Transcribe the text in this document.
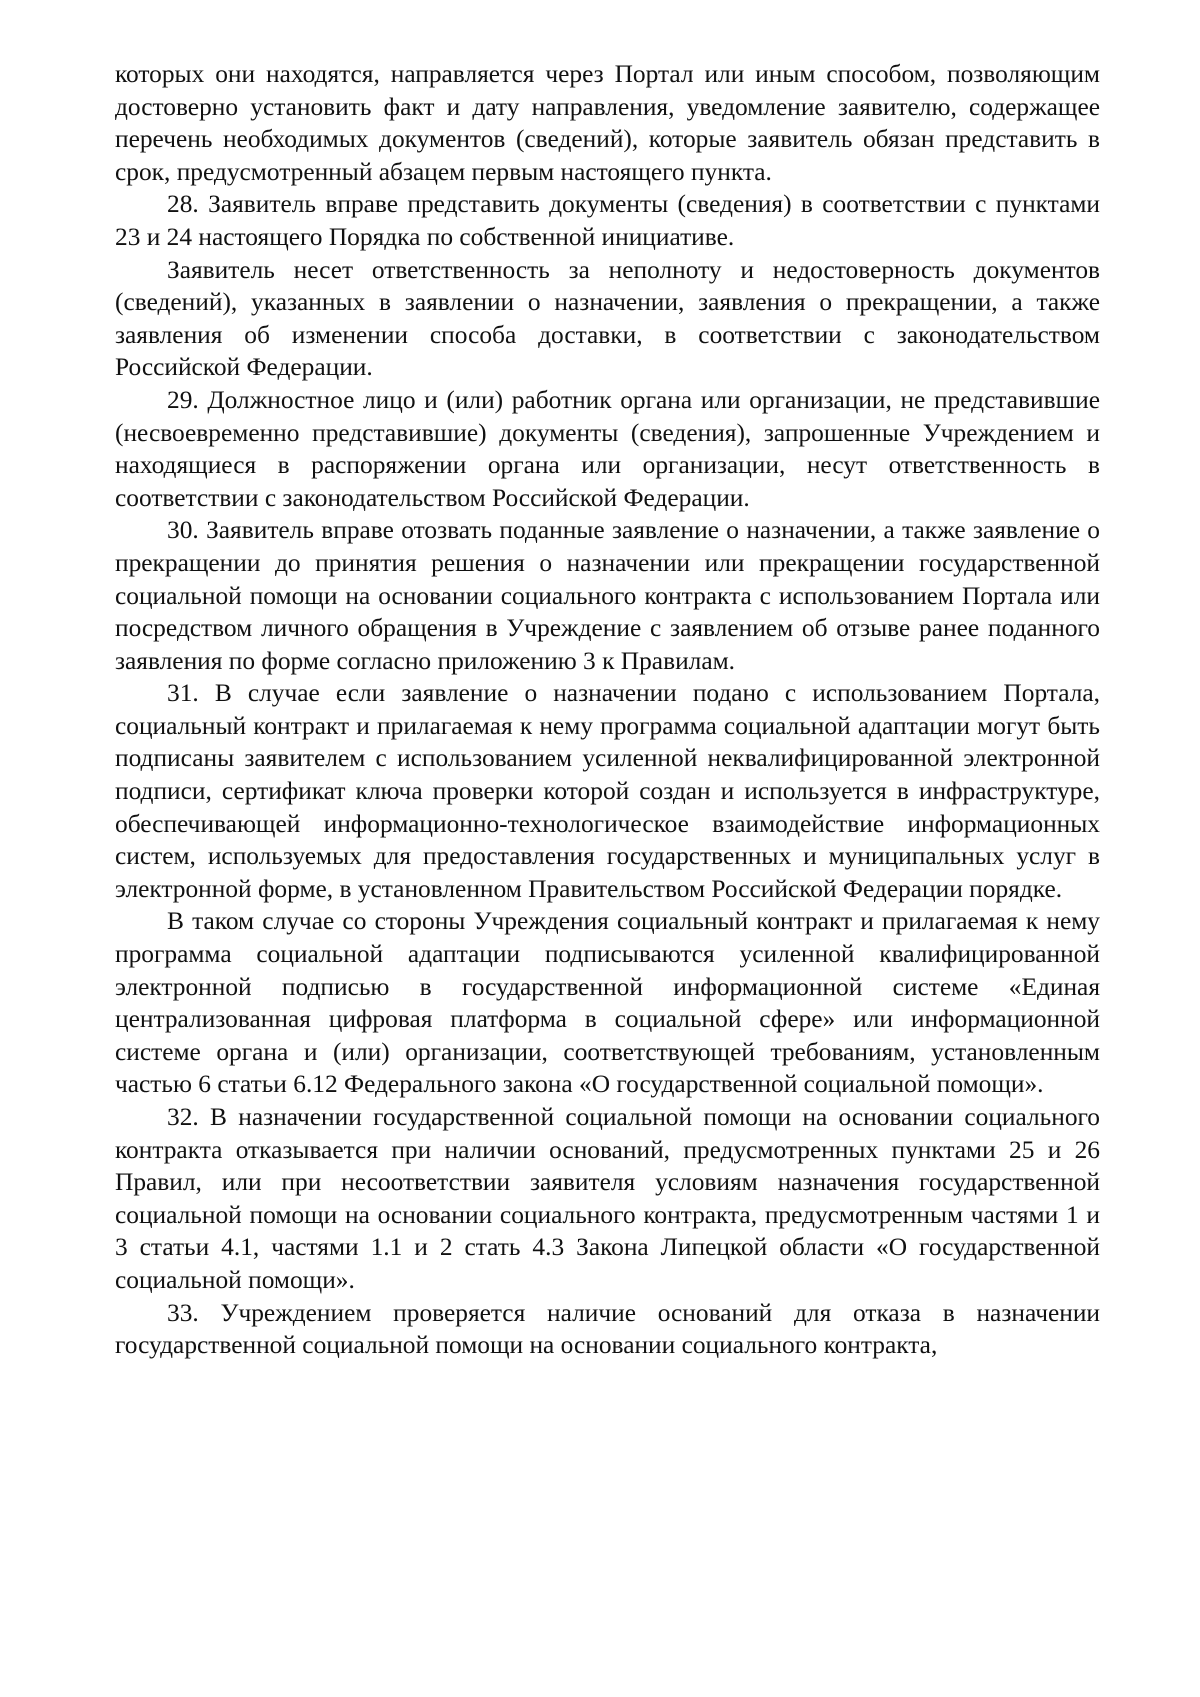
которых они находятся, направляется через Портал или иным способом, позволяющим достоверно установить факт и дату направления, уведомление заявителю, содержащее перечень необходимых документов (сведений), которые заявитель обязан представить в срок, предусмотренный абзацем первым настоящего пункта.

28. Заявитель вправе представить документы (сведения) в соответствии с пунктами 23 и 24 настоящего Порядка по собственной инициативе.

Заявитель несет ответственность за неполноту и недостоверность документов (сведений), указанных в заявлении о назначении, заявления о прекращении, а также заявления об изменении способа доставки, в соответствии с законодательством Российской Федерации.

29. Должностное лицо и (или) работник органа или организации, не представившие (несвоевременно представившие) документы (сведения), запрошенные Учреждением и находящиеся в распоряжении органа или организации, несут ответственность в соответствии с законодательством Российской Федерации.

30. Заявитель вправе отозвать поданные заявление о назначении, а также заявление о прекращении до принятия решения о назначении или прекращении государственной социальной помощи на основании социального контракта с использованием Портала или посредством личного обращения в Учреждение с заявлением об отзыве ранее поданного заявления по форме согласно приложению 3 к Правилам.

31. В случае если заявление о назначении подано с использованием Портала, социальный контракт и прилагаемая к нему программа социальной адаптации могут быть подписаны заявителем с использованием усиленной неквалифицированной электронной подписи, сертификат ключа проверки которой создан и используется в инфраструктуре, обеспечивающей информационно-технологическое взаимодействие информационных систем, используемых для предоставления государственных и муниципальных услуг в электронной форме, в установленном Правительством Российской Федерации порядке.

В таком случае со стороны Учреждения социальный контракт и прилагаемая к нему программа социальной адаптации подписываются усиленной квалифицированной электронной подписью в государственной информационной системе «Единая централизованная цифровая платформа в социальной сфере» или информационной системе органа и (или) организации, соответствующей требованиям, установленным частью 6 статьи 6.12 Федерального закона «О государственной социальной помощи».

32. В назначении государственной социальной помощи на основании социального контракта отказывается при наличии оснований, предусмотренных пунктами 25 и 26 Правил, или при несоответствии заявителя условиям назначения государственной социальной помощи на основании социального контракта, предусмотренным частями 1 и 3 статьи 4.1, частями 1.1 и 2 стать 4.3 Закона Липецкой области «О государственной социальной помощи».

33. Учреждением проверяется наличие оснований для отказа в назначении государственной социальной помощи на основании социального контракта,
